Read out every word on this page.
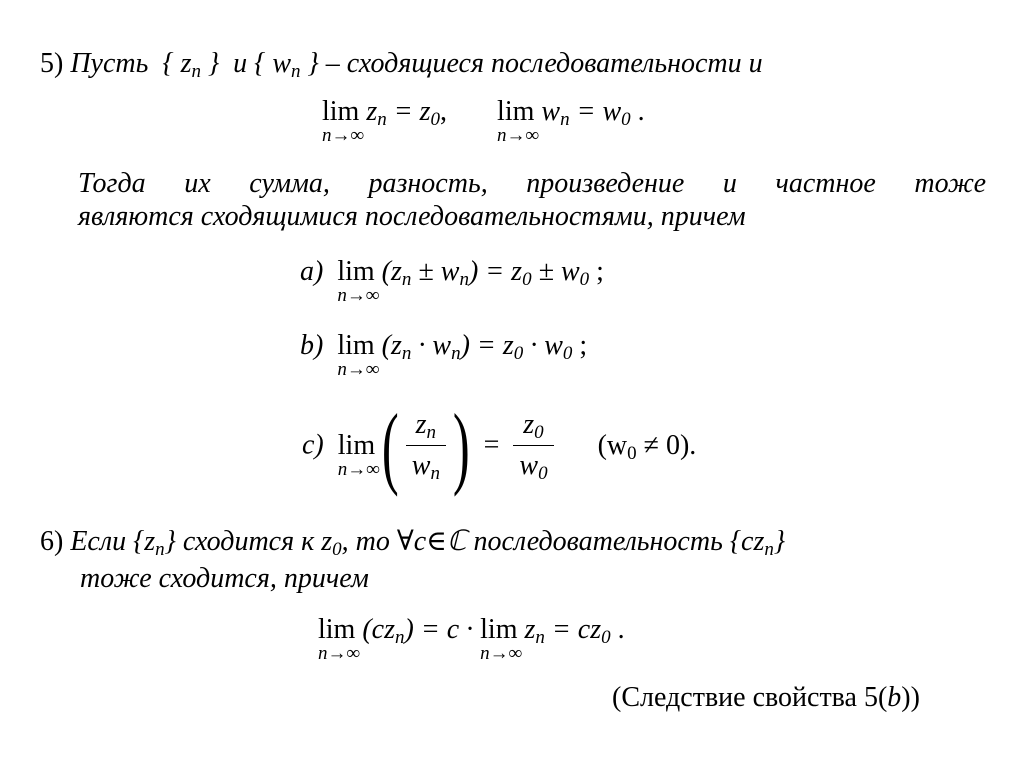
5) Пусть { $z_n$ } и { $w_n$ } – сходящиеся последовательности и
lim
n→∞
$z_n = z_0$, lim
n→∞
$w_n = w_0$ .
Тогда их сумма, разность, произведение и частное тоже
являются сходящимися последовательностями, причем
a) lim
n→∞
$(z_n \pm w_n) = z_0 \pm w_0$ ;
b) lim
n→∞
$(z_n \cdot w_n) = z_0 \cdot w_0$ ;
c) lim
n→∞ ( $\frac{z_n}{w_n}$ ) = $\frac{z_0}{w_0} (w_0 \ne 0)$.
6) Если $\{z_n\}$ сходится к $z_0$, то ∀c∈ℂ последовательность $\{cz_n\}$
тоже сходится, причем
lim
n→∞
$(cz_n) = c \cdot \lim$
n→∞
$z_n = cz_0$ .
(Следствие свойства 5(b))
